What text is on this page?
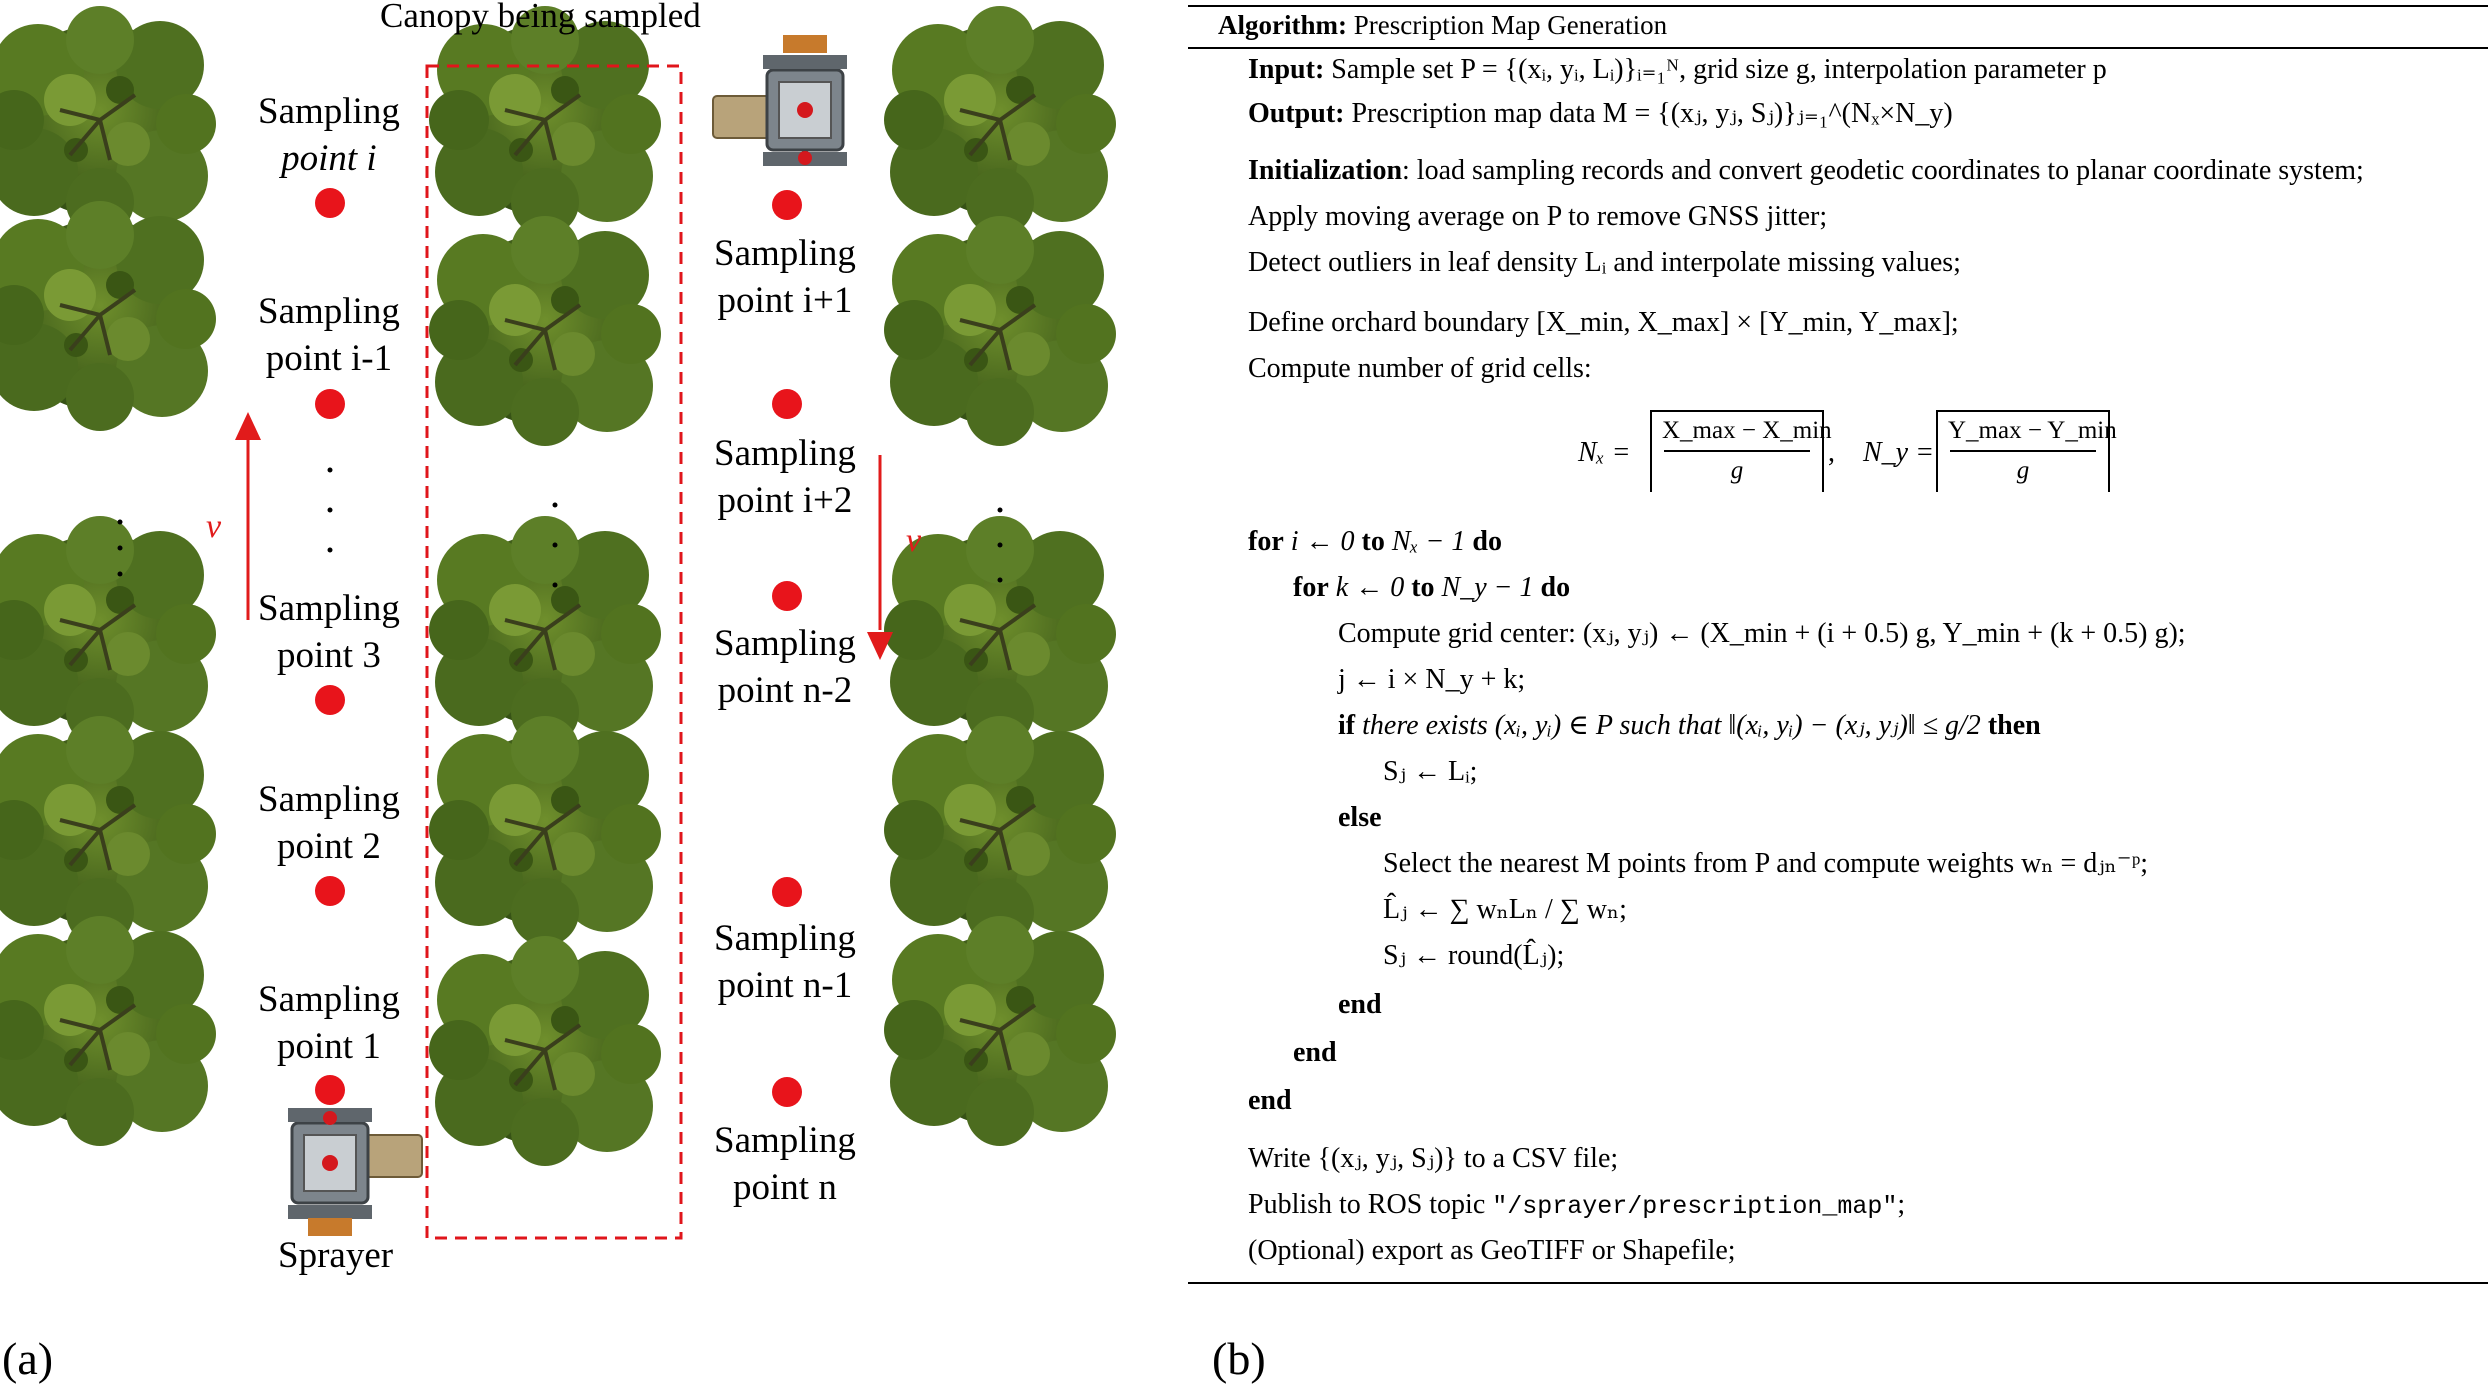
Canopy being sampled
Sampling
point i
Sampling
point i-1
Sampling
point 3
Sampling
point 2
Sampling
point 1
Sampling
point i+1
Sampling
point i+2
Sampling
point n-2
Sampling
point n-1
Sampling
point n
v	v
Sprayer
(a)
Algorithm: Prescription Map Generation
Input: Sample set P = {(xᵢ, yᵢ, Lᵢ)}ᵢ₌₁ᴺ, grid size g, interpolation parameter p
Output: Prescription map data M = {(xⱼ, yⱼ, Sⱼ)}ⱼ₌₁^(Nₓ×N_y)
Initialization: load sampling records and convert geodetic coordinates to planar coordinate system;
Apply moving average on P to remove GNSS jitter;
Detect outliers in leaf density Lᵢ and interpolate missing values;
Define orchard boundary [X_min, X_max] × [Y_min, Y_max];
Compute number of grid cells:
Nₓ =
X_max − X_min
g
, N_y =
Y_max − Y_min
g
for i ← 0 to Nₓ − 1 do
for k ← 0 to N_y − 1 do
Compute grid center: (xⱼ, yⱼ) ← (X_min + (i + 0.5) g, Y_min + (k + 0.5) g);
j ← i × N_y + k;
if there exists (xᵢ, yᵢ) ∈ P such that ‖(xᵢ, yᵢ) − (xⱼ, yⱼ)‖ ≤ g/2 then
Sⱼ ← Lᵢ;
else
Select the nearest M points from P and compute weights wₙ = dⱼₙ⁻ᵖ;
L̂ⱼ ← ∑ wₙLₙ / ∑ wₙ;
Sⱼ ← round(L̂ⱼ);
end
end
end
Write {(xⱼ, yⱼ, Sⱼ)} to a CSV file;
Publish to ROS topic "/sprayer/prescription_map";
(Optional) export as GeoTIFF or Shapefile;
(b)
